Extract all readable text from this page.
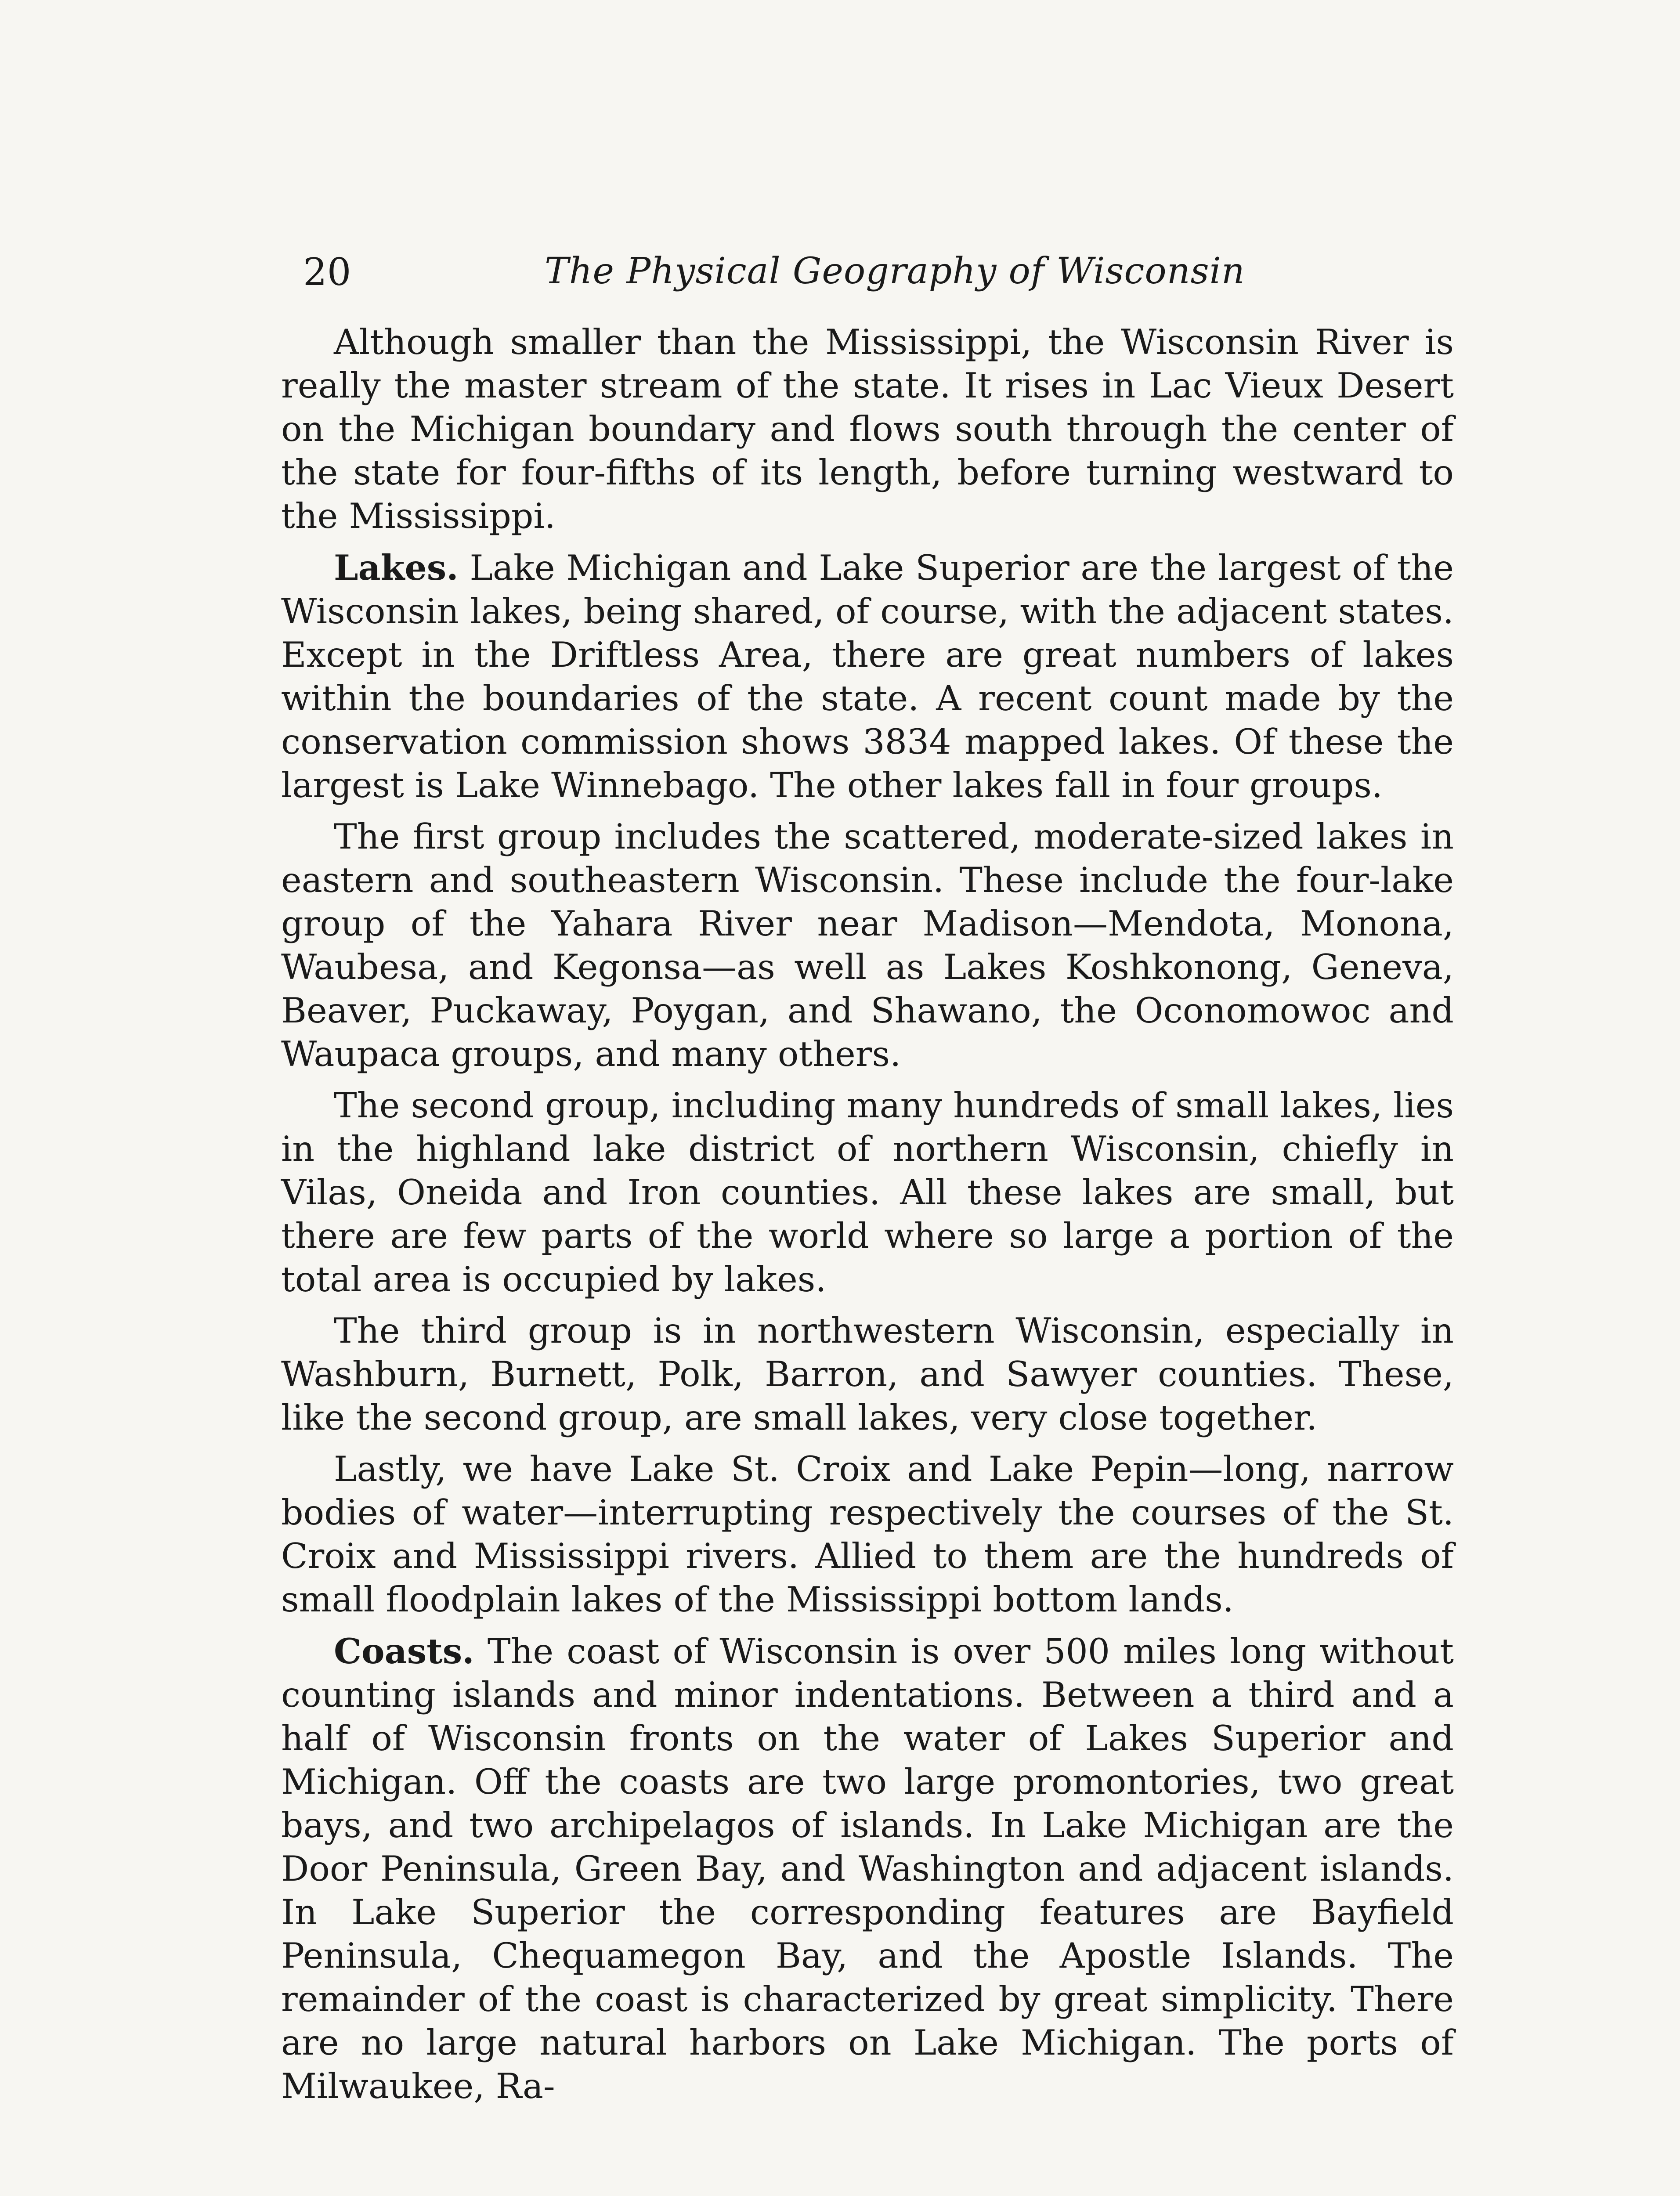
20	The Physical Geography of Wisconsin

Although smaller than the Mississippi, the Wisconsin River is really the master stream of the state. It rises in Lac Vieux Desert on the Michigan boundary and flows south through the center of the state for four-fifths of its length, before turning westward to the Mississippi.

Lakes. Lake Michigan and Lake Superior are the largest of the Wisconsin lakes, being shared, of course, with the adjacent states. Except in the Driftless Area, there are great numbers of lakes within the boundaries of the state. A recent count made by the conservation commission shows 3834 mapped lakes. Of these the largest is Lake Winnebago. The other lakes fall in four groups.

The first group includes the scattered, moderate-sized lakes in eastern and southeastern Wisconsin. These include the four-lake group of the Yahara River near Madison—Mendota, Monona, Waubesa, and Kegonsa—as well as Lakes Koshkonong, Geneva, Beaver, Puckaway, Poygan, and Shawano, the Oconomowoc and Waupaca groups, and many others.

The second group, including many hundreds of small lakes, lies in the highland lake district of northern Wisconsin, chiefly in Vilas, Oneida and Iron counties. All these lakes are small, but there are few parts of the world where so large a portion of the total area is occupied by lakes.

The third group is in northwestern Wisconsin, especially in Washburn, Burnett, Polk, Barron, and Sawyer counties. These, like the second group, are small lakes, very close together.

Lastly, we have Lake St. Croix and Lake Pepin—long, narrow bodies of water—interrupting respectively the courses of the St. Croix and Mississippi rivers. Allied to them are the hundreds of small floodplain lakes of the Mississippi bottom lands.

Coasts. The coast of Wisconsin is over 500 miles long without counting islands and minor indentations. Between a third and a half of Wisconsin fronts on the water of Lakes Superior and Michigan. Off the coasts are two large promontories, two great bays, and two archipelagos of islands. In Lake Michigan are the Door Peninsula, Green Bay, and Washington and adjacent islands. In Lake Superior the corresponding features are Bayfield Peninsula, Chequamegon Bay, and the Apostle Islands. The remainder of the coast is characterized by great simplicity. There are no large natural harbors on Lake Michigan. The ports of Milwaukee, Ra-
